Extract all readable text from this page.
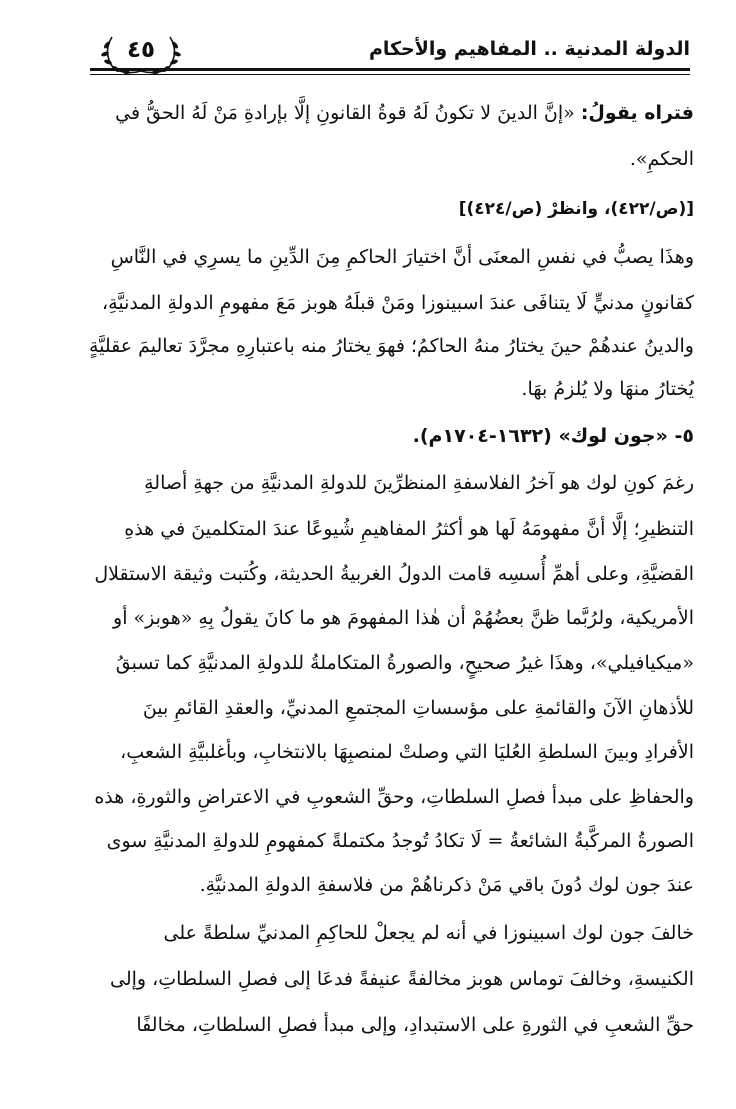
الدولة المدنية .. المفاهيم والأحكام
٤٥
فتراه يقولُ: «إنَّ الدينَ لا تكونُ لَهُ قوةُ القانونِ إلَّا بإرادةِ مَنْ لَهُ الحقُّ في
الحكمِ».
[(ص/٤٢٢)، وانظرْ (ص/٤٢٤)]
وهذَا يصبُّ في نفسِ المعنَى أنَّ اختيارَ الحاكمِ مِنَ الدِّينِ ما يسرِي في النَّاسِ
كقانونٍ مدنيٍّ لَا يتنافَى عندَ اسبينوزا ومَنْ قبلَهُ هوبز مَعَ مفهومِ الدولةِ المدنيَّةِ،
والدينُ عندهُمْ حينَ يختارُ منهُ الحاكمُ؛ فهوَ يختارُ منه باعتبارِهِ مجرَّدَ تعاليمَ عقليَّةٍ
يُختارُ منهَا ولا يُلزمُ بهَا.
٥- «جون لوك» (١٦٣٢-١٧٠٤م).
رغمَ كونِ لوك هو آخرُ الفلاسفةِ المنظرِّينَ للدولةِ المدنيَّةِ من جهةِ أصالةِ
التنظيرِ؛ إلَّا أنَّ مفهومَهُ لَها هو أكثرُ المفاهيمِ شُيوعًا عندَ المتكلمينَ في هذهِ
القضيَّةِ، وعلى أهمِّ أُسسِه قامت الدولُ الغربيةُ الحديثة، وكُتبت وثيقة الاستقلال
الأمريكية، ولرُبَّما ظنَّ بعضُهُمْ أن هٰذا المفهومَ هو ما كانَ يقولُ بِهِ «هوبز» أو
«ميكيافيلي»، وهذَا غيرُ صحيحٍ، والصورةُ المتكاملةُ للدولةِ المدنيَّةِ كما تسبقُ
للأذهانِ الآنَ والقائمةِ على مؤسساتِ المجتمعِ المدنيِّ، والعقدِ القائمِ بينَ
الأفرادِ وبينَ السلطةِ العُليَا التي وصلتْ لمنصبِهَا بالانتخابِ، وبأغلبيَّةِ الشعبِ،
والحفاظِ على مبدأ فصلِ السلطاتِ، وحقِّ الشعوبِ في الاعتراضِ والثورةِ، هذه
الصورةُ المركَّبةُ الشائعةُ = لَا تكادُ تُوجدُ مكتملةً كمفهومِ للدولةِ المدنيَّةِ سوى
عندَ جون لوك دُونَ باقي مَنْ ذكرناهُمْ من فلاسفةِ الدولةِ المدنيَّةِ.
خالفَ جون لوك اسبينوزا في أنه لم يجعلْ للحاكِمِ المدنيِّ سلطةً على
الكنيسةِ، وخالفَ توماس هوبز مخالفةً عنيفةً فدعَا إلى فصلِ السلطاتِ، وإلى
حقِّ الشعبِ في الثورةِ على الاستبدادِ، وإلى مبدأ فصلِ السلطاتِ، مخالفًا
